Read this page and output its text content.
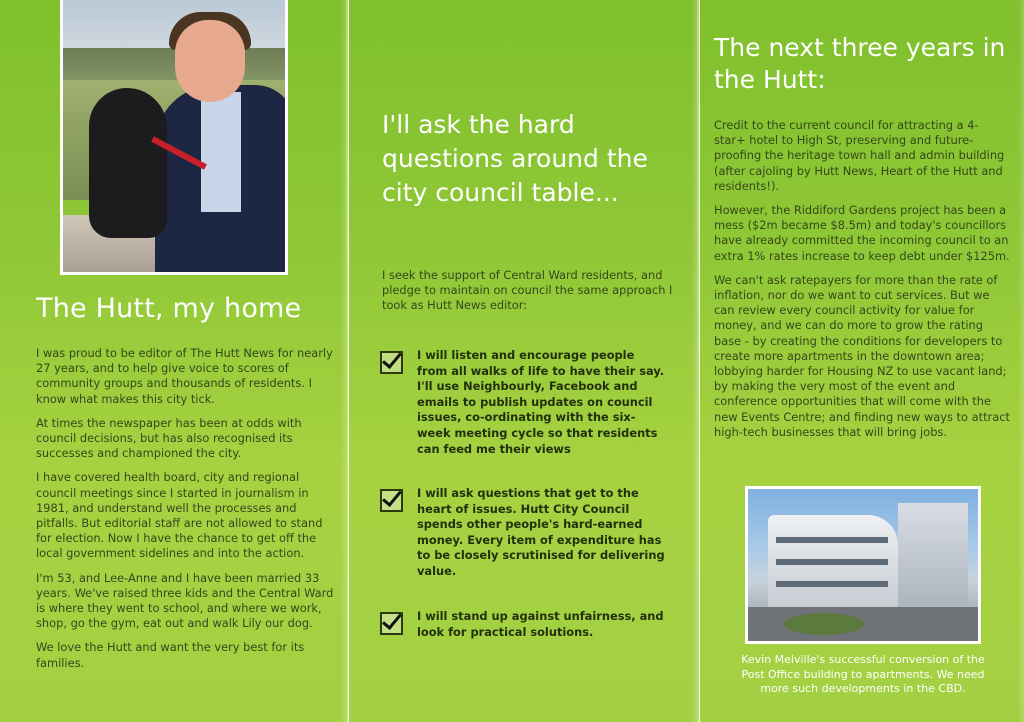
The Hutt, my home

I was proud to be editor of The Hutt News for nearly 27 years, and to help give voice to scores of community groups and thousands of residents. I know what makes this city tick.

At times the newspaper has been at odds with council decisions, but has also recognised its successes and championed the city.

I have covered health board, city and regional council meetings since I started in journalism in 1981, and understand well the processes and pitfalls. But editorial staff are not allowed to stand for election. Now I have the chance to get off the local government sidelines and into the action.

I'm 53, and Lee-Anne and I have been married 33 years. We've raised three kids and the Central Ward is where they went to school, and where we work, shop, go the gym, eat out and walk Lily our dog.

We love the Hutt and want the very best for its families.

I'll ask the hard questions around the city council table...
I seek the support of Central Ward residents, and pledge to maintain on council the same approach I took as Hutt News editor:
I will listen and encourage people from all walks of life to have their say. I'll use Neighbourly, Facebook and emails to publish updates on council issues, co-ordinating with the six-week meeting cycle so that residents can feed me their views
I will ask questions that get to the heart of issues. Hutt City Council spends other people's hard-earned money. Every item of expenditure has to be closely scrutinised for delivering value.
I will stand up against unfairness, and look for practical solutions.
The next three years in the Hutt:

Credit to the current council for attracting a 4-star+ hotel to High St, preserving and future-proofing the heritage town hall and admin building (after cajoling by Hutt News, Heart of the Hutt and residents!).

However, the Riddiford Gardens project has been a mess ($2m became $8.5m) and today's councillors have already committed the incoming council to an extra 1% rates increase to keep debt under $125m.

We can't ask ratepayers for more than the rate of inflation, nor do we want to cut services. But we can review every council activity for value for money, and we can do more to grow the rating base - by creating the conditions for developers to create more apartments in the downtown area; lobbying harder for Housing NZ to use vacant land; by making the very most of the event and conference opportunities that will come with the new Events Centre; and finding new ways to attract high-tech businesses that will bring jobs.

Kevin Melville's successful conversion of the Post Office building to apartments. We need more such developments in the CBD.
